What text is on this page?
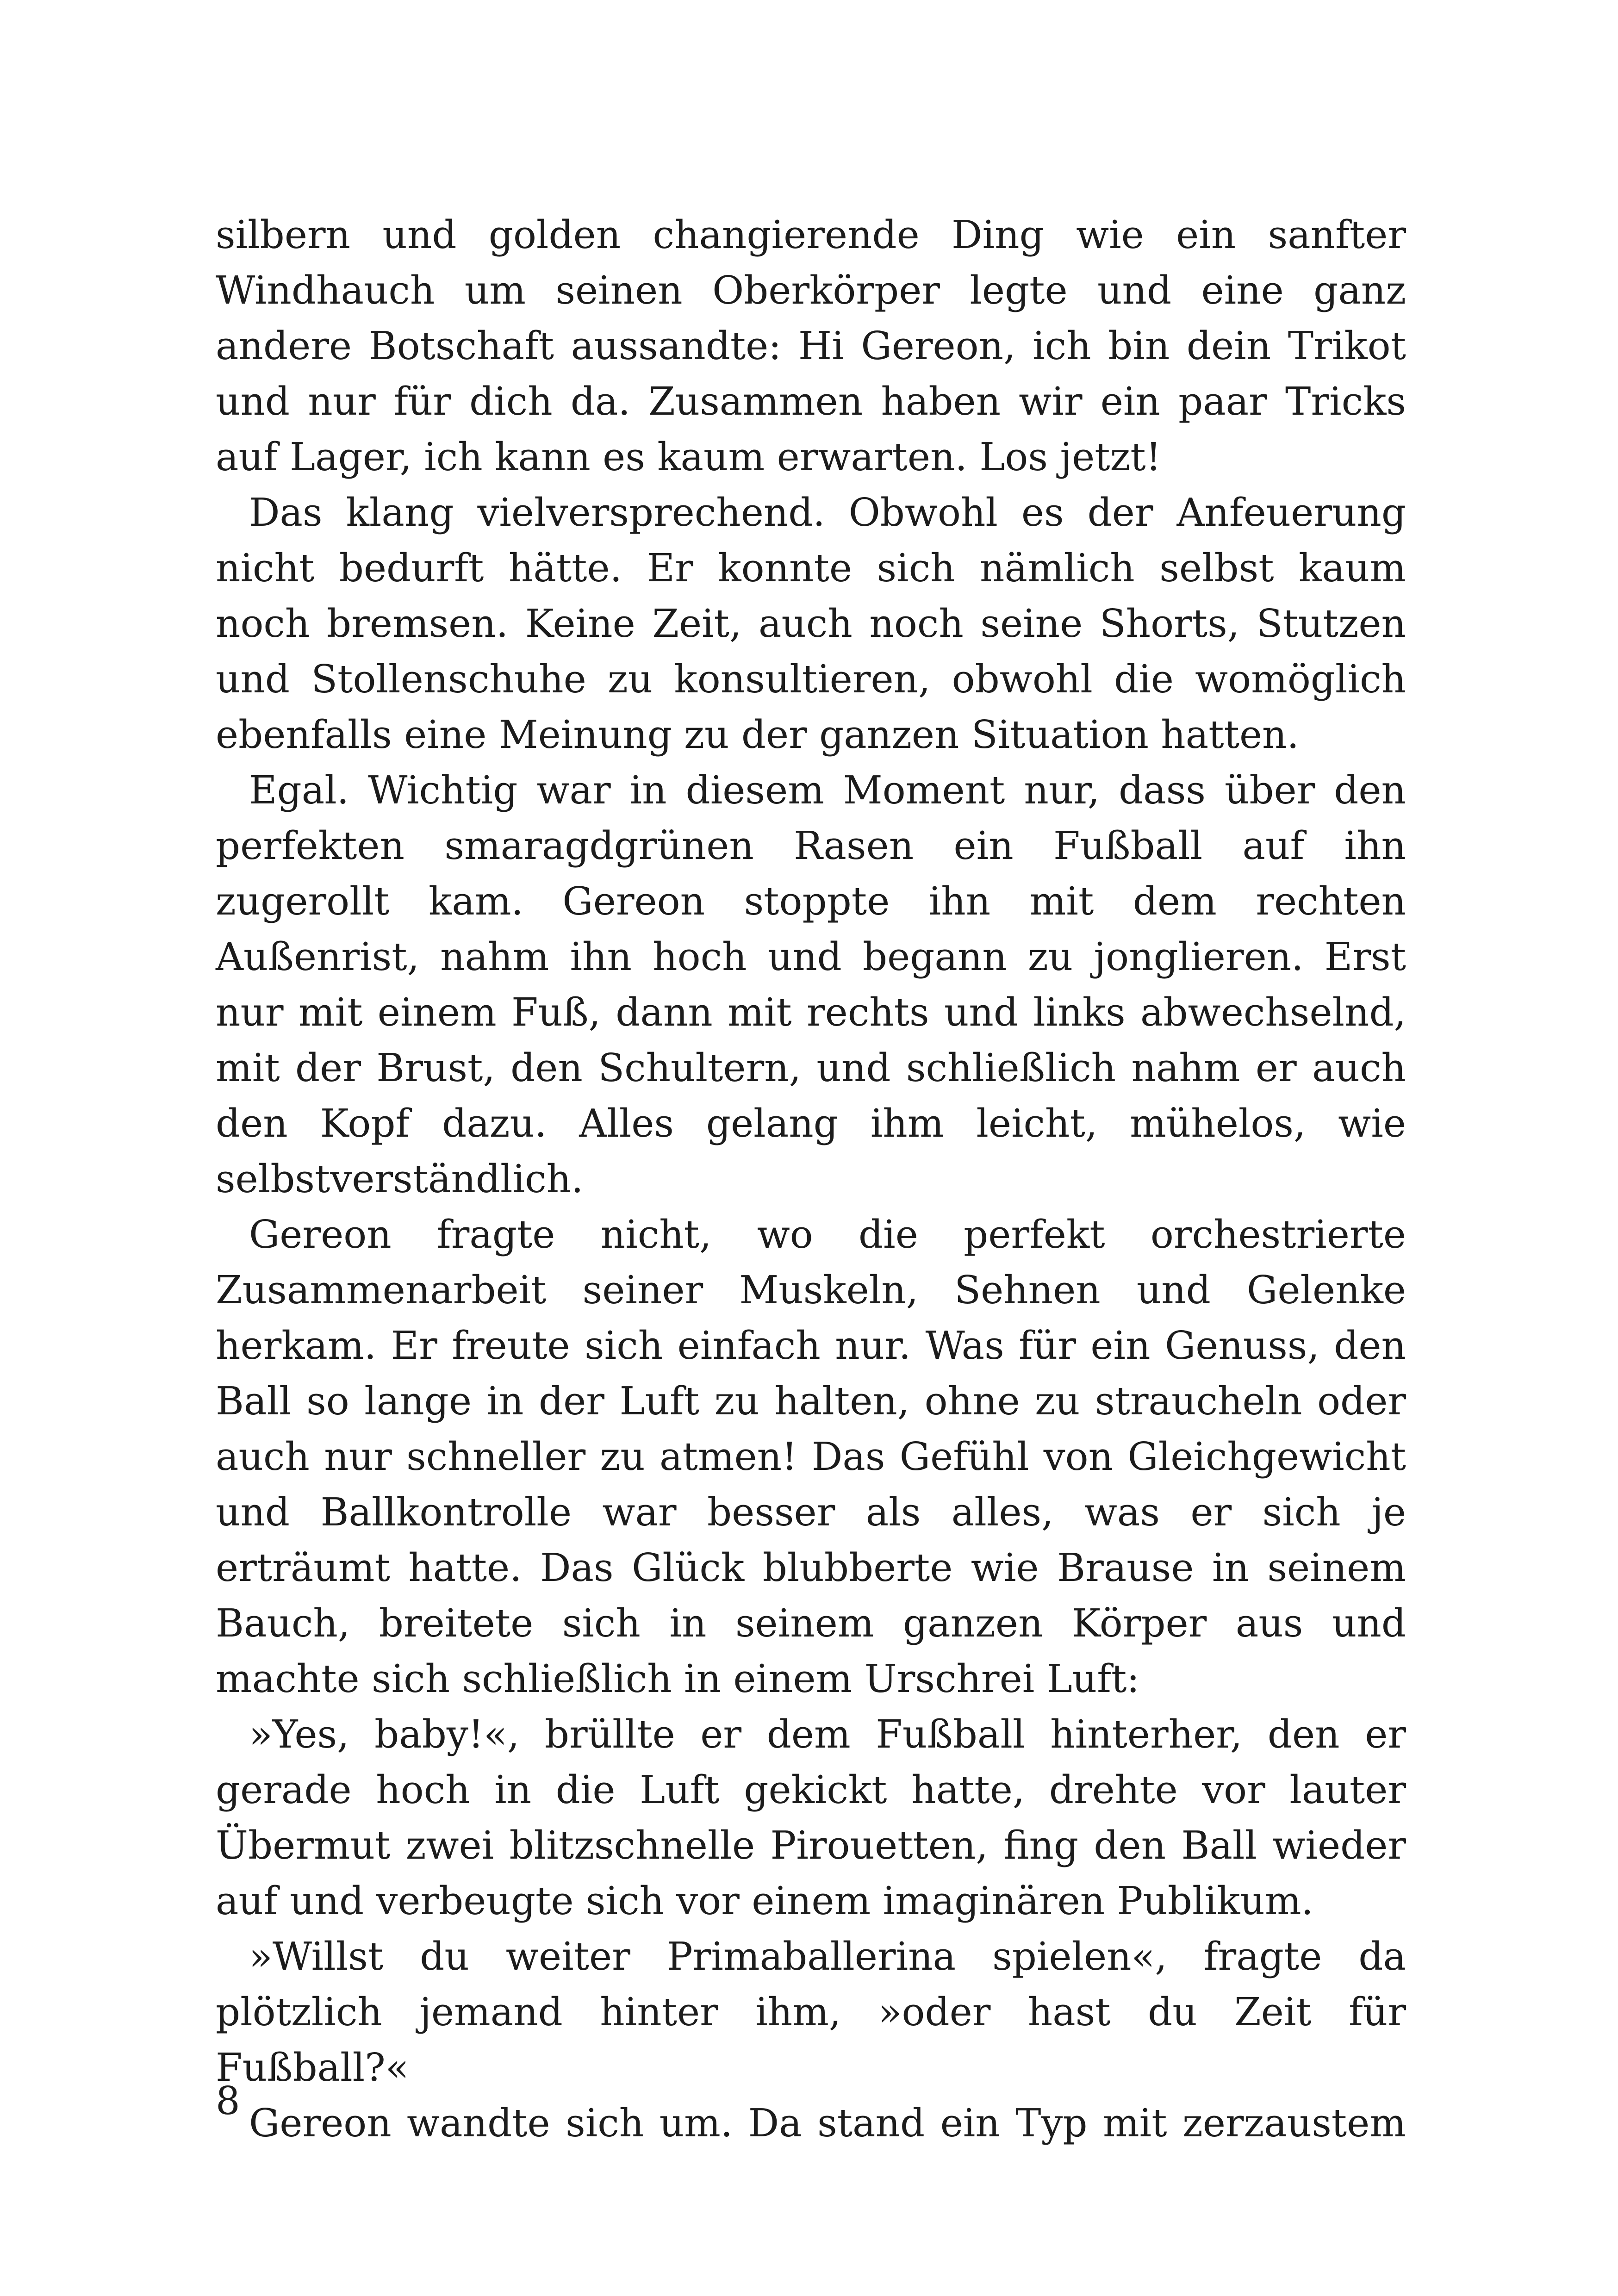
silbern und golden changierende Ding wie ein sanfter Windhauch um seinen Oberkörper legte und eine ganz andere Botschaft aussandte: Hi Gereon, ich bin dein Trikot und nur für dich da. Zusammen haben wir ein paar Tricks auf Lager, ich kann es kaum erwarten. Los jetzt!

Das klang vielversprechend. Obwohl es der Anfeuerung nicht bedurft hätte. Er konnte sich nämlich selbst kaum noch bremsen. Keine Zeit, auch noch seine Shorts, Stutzen und Stollenschuhe zu konsultieren, obwohl die womöglich ebenfalls eine Meinung zu der ganzen Situation hatten.

Egal. Wichtig war in diesem Moment nur, dass über den perfekten smaragdgrünen Rasen ein Fußball auf ihn zugerollt kam. Gereon stoppte ihn mit dem rechten Außenrist, nahm ihn hoch und begann zu jonglieren. Erst nur mit einem Fuß, dann mit rechts und links abwechselnd, mit der Brust, den Schultern, und schließlich nahm er auch den Kopf dazu. Alles gelang ihm leicht, mühelos, wie selbstverständlich.

Gereon fragte nicht, wo die perfekt orchestrierte Zusammenarbeit seiner Muskeln, Sehnen und Gelenke herkam. Er freute sich einfach nur. Was für ein Genuss, den Ball so lange in der Luft zu halten, ohne zu straucheln oder auch nur schneller zu atmen! Das Gefühl von Gleichgewicht und Ballkontrolle war besser als alles, was er sich je erträumt hatte. Das Glück blubberte wie Brause in seinem Bauch, breitete sich in seinem ganzen Körper aus und machte sich schließlich in einem Urschrei Luft:

»Yes, baby!«, brüllte er dem Fußball hinterher, den er gerade hoch in die Luft gekickt hatte, drehte vor lauter Übermut zwei blitzschnelle Pirouetten, fing den Ball wieder auf und verbeugte sich vor einem imaginären Publikum.

»Willst du weiter Primaballerina spielen«, fragte da plötzlich jemand hinter ihm, »oder hast du Zeit für Fußball?«

Gereon wandte sich um. Da stand ein Typ mit zerzaustem

8
